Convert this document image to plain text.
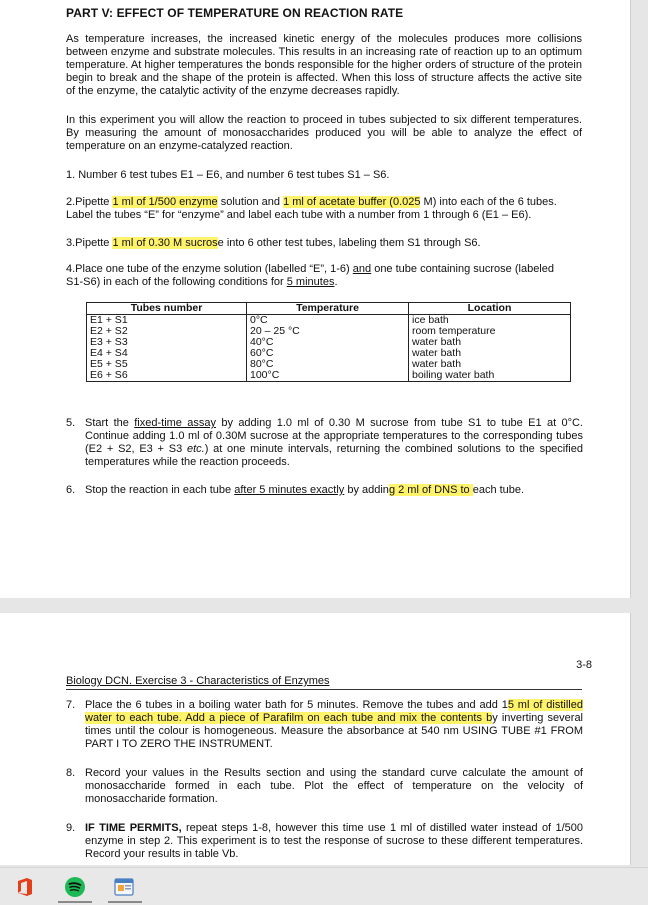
PART V: EFFECT OF TEMPERATURE ON REACTION RATE
As temperature increases, the increased kinetic energy of the molecules produces more collisions between enzyme and substrate molecules. This results in an increasing rate of reaction up to an optimum temperature. At higher temperatures the bonds responsible for the higher orders of structure of the protein begin to break and the shape of the protein is affected. When this loss of structure affects the active site of the enzyme, the catalytic activity of the enzyme decreases rapidly.
In this experiment you will allow the reaction to proceed in tubes subjected to six different temperatures. By measuring the amount of monosaccharides produced you will be able to analyze the effect of temperature on an enzyme-catalyzed reaction.
1. Number 6 test tubes E1 – E6, and number 6 test tubes S1 – S6.
2.Pipette 1 ml of 1/500 enzyme solution and 1 ml of acetate buffer (0.025 M) into each of the 6 tubes.
Label the tubes “E” for “enzyme” and label each tube with a number from 1 through 6 (E1 – E6).
3.Pipette 1 ml of 0.30 M sucrose into 6 other test tubes, labeling them S1 through S6.
4.Place one tube of the enzyme solution (labelled “E”, 1-6) and one tube containing sucrose (labeled
S1-S6) in each of the following conditions for 5 minutes.
Tubes number	Temperature	Location
E1 + S1	0°C	ice bath
E2 + S2	20 – 25 °C	room temperature
E3 + S3	40°C	water bath
E4 + S4	60°C	water bath
E5 + S5	80°C	water bath
E6 + S6	100°C	boiling water bath
5. Start the fixed-time assay by adding 1.0 ml of 0.30 M sucrose from tube S1 to tube E1 at 0°C. Continue adding 1.0 ml of 0.30M sucrose at the appropriate temperatures to the corresponding tubes (E2 + S2, E3 + S3 etc.) at one minute intervals, returning the combined solutions to the specified temperatures while the reaction proceeds.
6. Stop the reaction in each tube after 5 minutes exactly by adding 2 ml of DNS to each tube.
3-8
Biology DCN. Exercise 3 - Characteristics of Enzymes
7. Place the 6 tubes in a boiling water bath for 5 minutes. Remove the tubes and add 15 ml of distilled water to each tube. Add a piece of Parafilm on each tube and mix the contents by inverting several times until the colour is homogeneous. Measure the absorbance at 540 nm USING TUBE #1 FROM PART I TO ZERO THE INSTRUMENT.
8. Record your values in the Results section and using the standard curve calculate the amount of monosaccharide formed in each tube. Plot the effect of temperature on the velocity of monosaccharide formation.
9. IF TIME PERMITS, repeat steps 1-8, however this time use 1 ml of distilled water instead of 1/500 enzyme in step 2. This experiment is to test the response of sucrose to these different temperatures. Record your results in table Vb.
